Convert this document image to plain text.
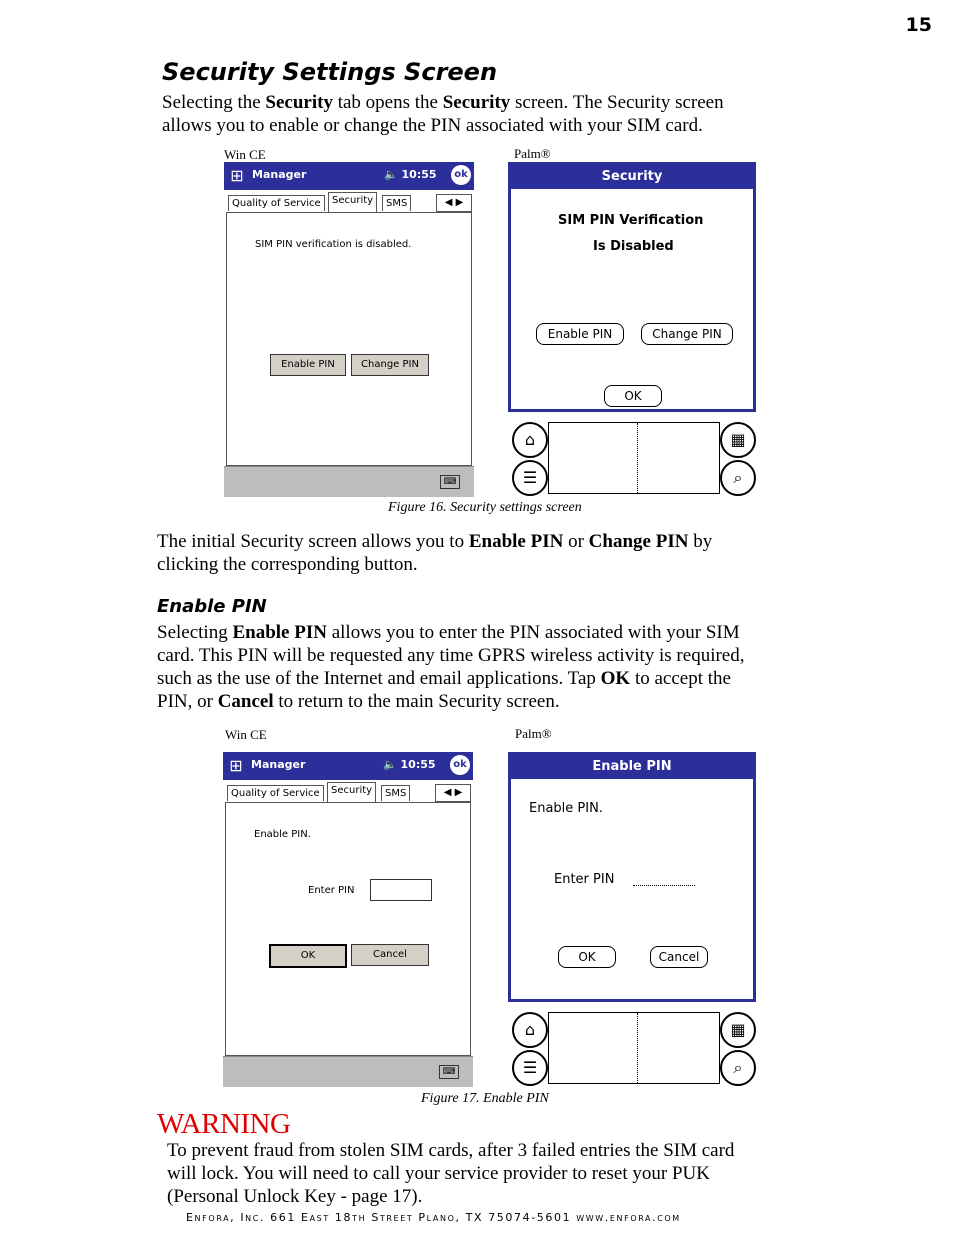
15
Security Settings Screen
Selecting the Security tab opens the Security screen. The Security screen
allows you to enable or change the PIN associated with your SIM card.
Win CE	Palm®
⊞ Manager	🔈 10:55	ok
Quality of Service	Security	SMS	◀ ▶
SIM PIN verification is disabled.
Enable PIN	Change PIN
⌨
Security
SIM PIN Verification
Is Disabled
Enable PIN	Change PIN
OK
⌂
☰
▦
⌕
Figure 16. Security settings screen
The initial Security screen allows you to Enable PIN or Change PIN by
clicking the corresponding button.
Enable PIN
Selecting Enable PIN allows you to enter the PIN associated with your SIM
card. This PIN will be requested any time GPRS wireless activity is required,
such as the use of the Internet and email applications. Tap OK to accept the
PIN, or Cancel to return to the main Security screen.
Win CE	Palm®
⊞ Manager	🔈 10:55	ok
Quality of Service	Security	SMS	◀ ▶
Enable PIN.
Enter PIN
OK	Cancel
⌨
Enable PIN
Enable PIN.
Enter PIN
OK	Cancel
⌂
☰
▦
⌕
Figure 17. Enable PIN
WARNING
To prevent fraud from stolen SIM cards, after 3 failed entries the SIM card
will lock. You will need to call your service provider to reset your PUK
(Personal Unlock Key - page 17).
Enfora, Inc. 661 East 18th Street Plano, TX 75074-5601 www.enfora.com
